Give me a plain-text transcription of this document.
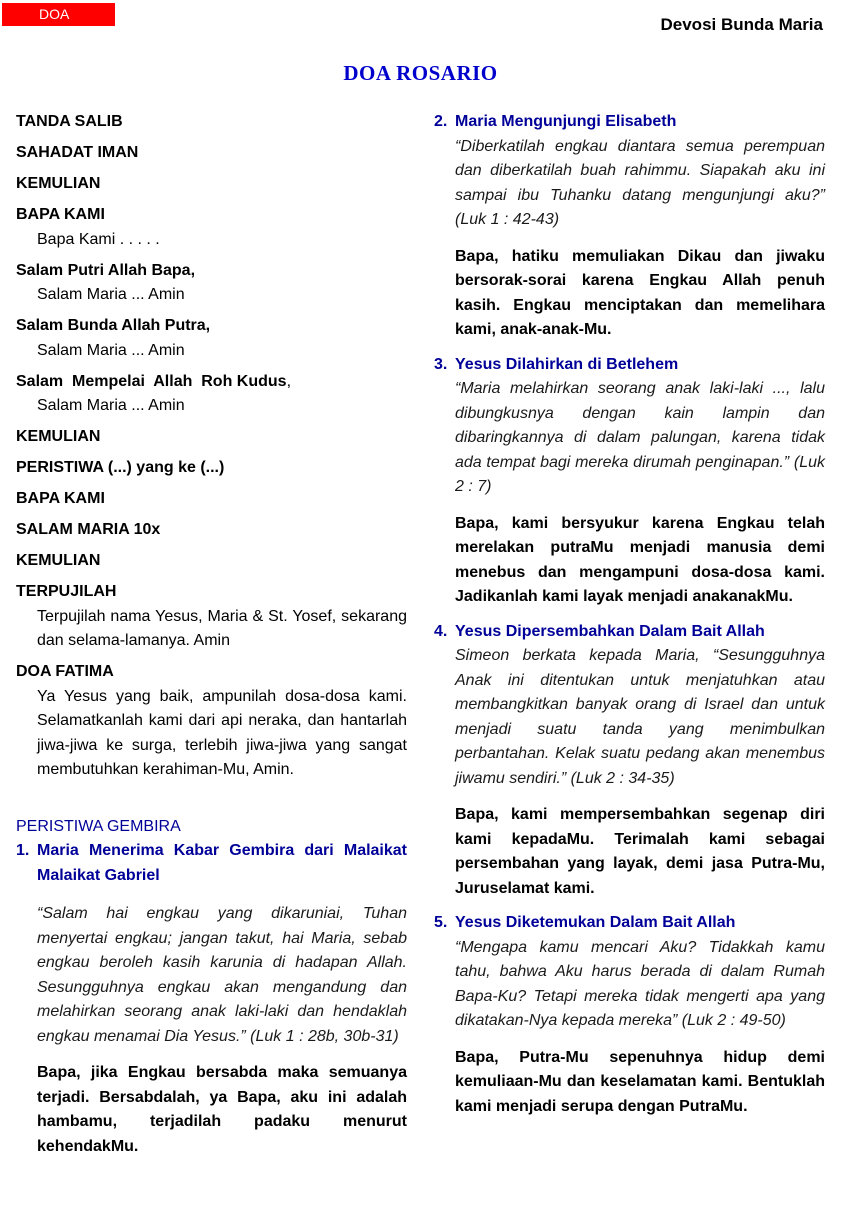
DOA
Devosi Bunda Maria
DOA ROSARIO
TANDA SALIB
SAHADAT IMAN
KEMULIAN
BAPA KAMI
Bapa Kami . . . . .
Salam Putri Allah Bapa,
Salam Maria ... Amin
Salam Bunda Allah Putra,
Salam Maria ... Amin
Salam  Mempelai  Allah  Roh Kudus,
Salam Maria ... Amin
KEMULIAN
PERISTIWA (...) yang ke (...)
BAPA KAMI
SALAM MARIA 10x
KEMULIAN
TERPUJILAH
Terpujilah nama Yesus, Maria & St. Yosef, sekarang dan selama-lamanya. Amin
DOA FATIMA
Ya Yesus yang baik, ampunilah dosa-dosa kami. Selamatkanlah kami dari api neraka, dan hantarlah jiwa-jiwa ke surga, terlebih jiwa-jiwa yang sangat membutuhkan kerahiman-Mu, Amin.
PERISTIWA GEMBIRA
1. Maria Menerima Kabar Gembira dari Malaikat Malaikat Gabriel
“Salam hai engkau yang dikaruniai, Tuhan menyertai engkau; jangan takut, hai Maria, sebab engkau beroleh kasih karunia di hadapan Allah. Sesungguhnya engkau akan mengandung dan melahirkan seorang anak laki-laki dan hendaklah engkau menamai Dia Yesus.” (Luk 1 : 28b, 30b-31)
Bapa, jika Engkau bersabda maka semuanya terjadi. Bersabdalah, ya Bapa, aku ini adalah hambamu, terjadilah padaku menurut kehendakMu.
2. Maria Mengunjungi Elisabeth
“Diberkatilah engkau diantara semua perempuan dan diberkatilah buah rahimmu. Siapakah aku ini sampai ibu Tuhanku datang mengunjungi aku?” (Luk 1 : 42-43)
Bapa, hatiku memuliakan Dikau dan jiwaku bersorak-sorai karena Engkau Allah penuh kasih. Engkau menciptakan dan memelihara kami, anak-anak-Mu.
3. Yesus Dilahirkan di Betlehem
“Maria melahirkan seorang anak laki-laki ..., lalu dibungkusnya dengan kain lampin dan dibaringkannya di dalam palungan, karena tidak ada tempat bagi mereka dirumah penginapan.” (Luk 2 : 7)
Bapa, kami bersyukur karena Engkau telah merelakan putraMu menjadi manusia demi menebus dan mengampuni dosa-dosa kami. Jadikanlah kami layak menjadi anakanakMu.
4. Yesus Dipersembahkan Dalam Bait Allah
Simeon berkata kepada Maria, “Sesungguhnya Anak ini ditentukan untuk menjatuhkan atau membangkitkan banyak orang di Israel dan untuk menjadi suatu tanda yang menimbulkan perbantahan. Kelak suatu pedang akan menembus jiwamu sendiri.” (Luk 2 : 34-35)
Bapa, kami mempersembahkan segenap diri kami kepadaMu. Terimalah kami sebagai persembahan yang layak, demi jasa Putra-Mu, Juruselamat kami.
5. Yesus Diketemukan Dalam Bait Allah
“Mengapa kamu mencari Aku? Tidakkah kamu tahu, bahwa Aku harus berada di dalam Rumah Bapa-Ku? Tetapi mereka tidak mengerti apa yang dikatakan-Nya kepada mereka” (Luk 2 : 49-50)
Bapa, Putra-Mu sepenuhnya hidup demi kemuliaan-Mu dan keselamatan kami. Bentuklah kami menjadi serupa dengan PutraMu.
